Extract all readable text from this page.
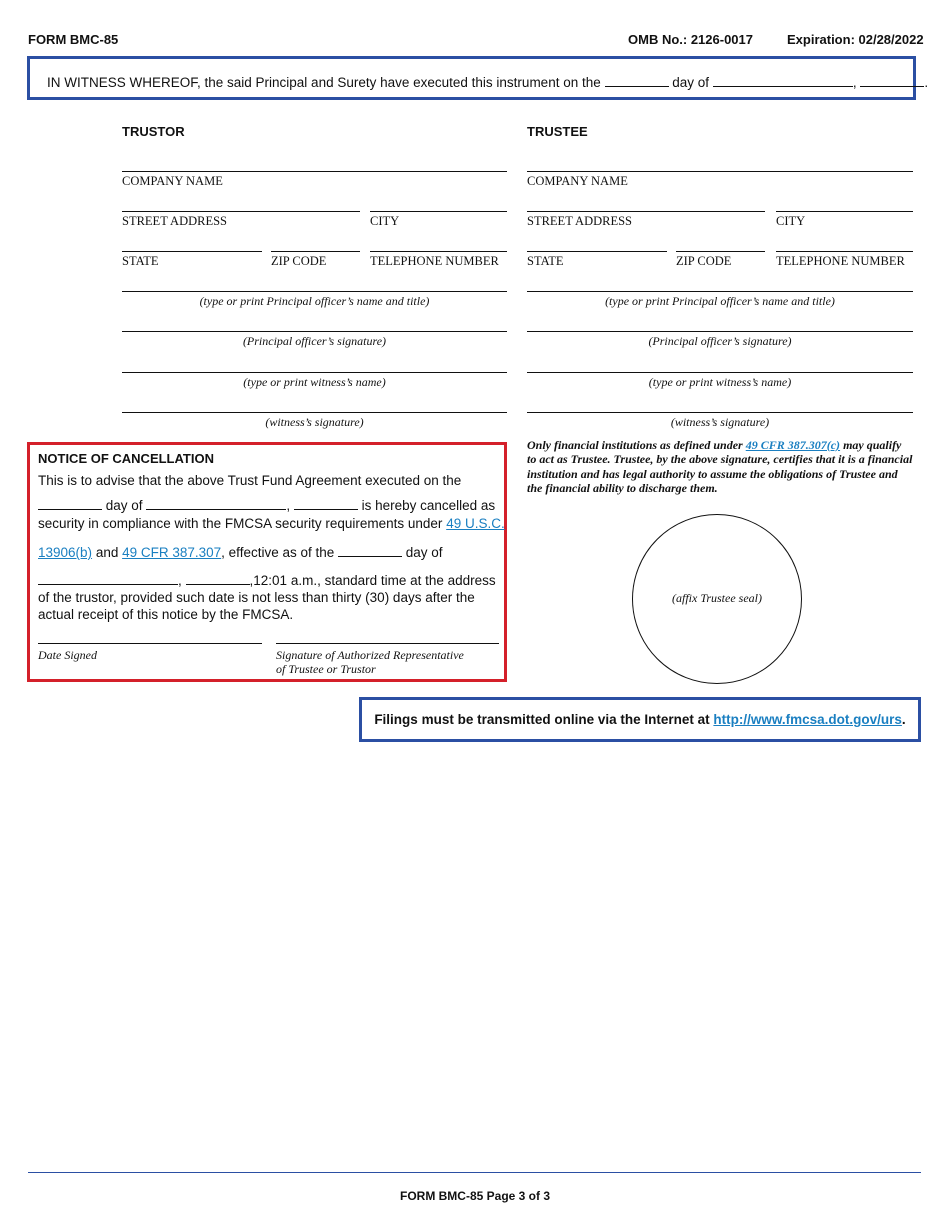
FORM BMC-85	OMB No.: 2126-0017	Expiration: 02/28/2022
IN WITNESS WHEREOF, the said Principal and Surety have executed this instrument on the	day of	,	.
TRUSTOR
COMPANY NAME
STREET ADDRESS	CITY
STATE	ZIP CODE	TELEPHONE NUMBER
(type or print Principal officer’s name and title)
(Principal officer’s signature)
(type or print witness’s name)
(witness’s signature)
TRUSTEE
COMPANY NAME
STREET ADDRESS	CITY
STATE	ZIP CODE	TELEPHONE NUMBER
(type or print Principal officer’s name and title)
(Principal officer’s signature)
(type or print witness’s name)
(witness’s signature)
NOTICE OF CANCELLATION
This is to advise that the above Trust Fund Agreement executed on the
day of	,	is hereby cancelled as
security in compliance with the FMCSA security requirements under 49 U.S.C.
13906(b) and 49 CFR 387.307, effective as of the	day of
,	,12:01 a.m., standard time at the address
of the trustor, provided such date is not less than thirty (30) days after the
actual receipt of this notice by the FMCSA.
Date Signed	Signature of Authorized Representative
of Trustee or Trustor
Only financial institutions as defined under 49 CFR 387.307(c) may qualify
to act as Trustee. Trustee, by the above signature, certifies that it is a financial
institution and has legal authority to assume the obligations of Trustee and
the financial ability to discharge them.
(affix Trustee seal)
Filings must be transmitted online via the Internet at http://www.fmcsa.dot.gov/urs.
FORM BMC-85 Page 3 of 3
